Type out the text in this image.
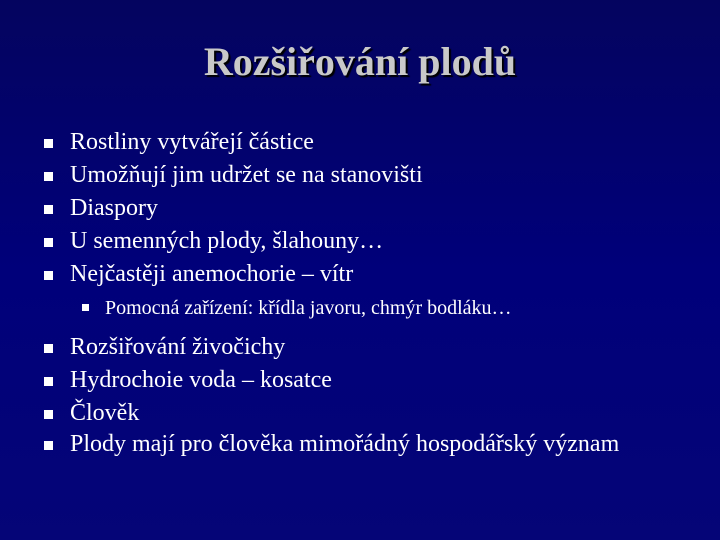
Rozšiřování plodů
Rostliny vytvářejí částice
Umožňují jim udržet se na stanovišti
Diaspory
U semenných plody, šlahouny…
Nejčastěji anemochorie – vítr
Pomocná zařízení: křídla javoru, chmýr bodláku…
Rozšiřování živočichy
Hydrochoie voda – kosatce
Člověk
Plody mají pro člověka mimořádný hospodářský význam
